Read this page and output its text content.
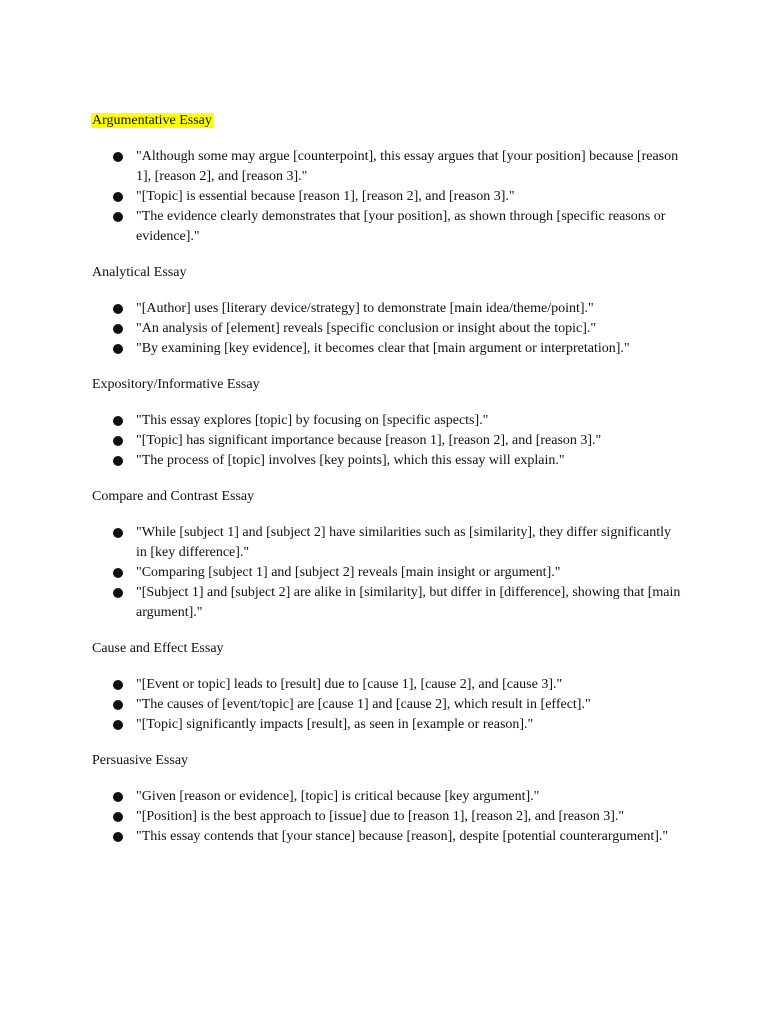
Argumentative Essay

"Although some may argue [counterpoint], this essay argues that [your position] because [reason 1], [reason 2], and [reason 3]."
"[Topic] is essential because [reason 1], [reason 2], and [reason 3]."
"The evidence clearly demonstrates that [your position], as shown through [specific reasons or evidence]."

Analytical Essay

"[Author] uses [literary device/strategy] to demonstrate [main idea/theme/point]."
"An analysis of [element] reveals [specific conclusion or insight about the topic]."
"By examining [key evidence], it becomes clear that [main argument or interpretation]."

Expository/Informative Essay

"This essay explores [topic] by focusing on [specific aspects]."
"[Topic] has significant importance because [reason 1], [reason 2], and [reason 3]."
"The process of [topic] involves [key points], which this essay will explain."

Compare and Contrast Essay

"While [subject 1] and [subject 2] have similarities such as [similarity], they differ significantly in [key difference]."
"Comparing [subject 1] and [subject 2] reveals [main insight or argument]."
"[Subject 1] and [subject 2] are alike in [similarity], but differ in [difference], showing that [main argument]."

Cause and Effect Essay

"[Event or topic] leads to [result] due to [cause 1], [cause 2], and [cause 3]."
"The causes of [event/topic] are [cause 1] and [cause 2], which result in [effect]."
"[Topic] significantly impacts [result], as seen in [example or reason]."

Persuasive Essay

"Given [reason or evidence], [topic] is critical because [key argument]."
"[Position] is the best approach to [issue] due to [reason 1], [reason 2], and [reason 3]."
"This essay contends that [your stance] because [reason], despite [potential counterargument]."
